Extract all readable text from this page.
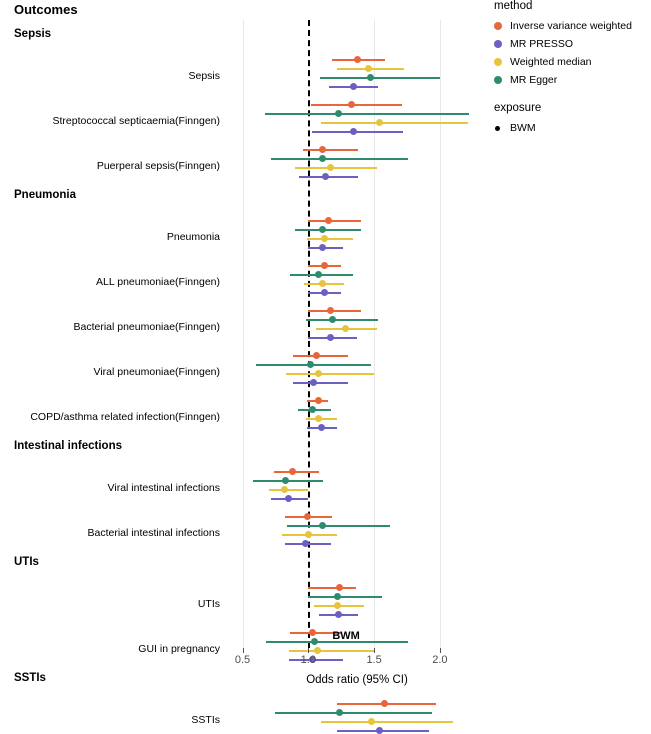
Outcomes
Sepsis
Streptococcal septicaemia(Finngen)
Puerperal sepsis(Finngen)
Pneumonia
ALL pneumoniae(Finngen)
Bacterial pneumoniae(Finngen)
Viral pneumoniae(Finngen)
COPD/asthma related infection(Finngen)
Viral intestinal infections
Bacterial intestinal infections
UTIs
GUI in pregnancy
SSTIs
0.5	1.0	1.5	2.0
BWM
Odds ratio (95% CI)
method
Inverse variance weighted
MR PRESSO
Weighted median
MR Egger
exposure
BWM
Sepsis
Pneumonia
Intestinal infections
UTIs
SSTIs
